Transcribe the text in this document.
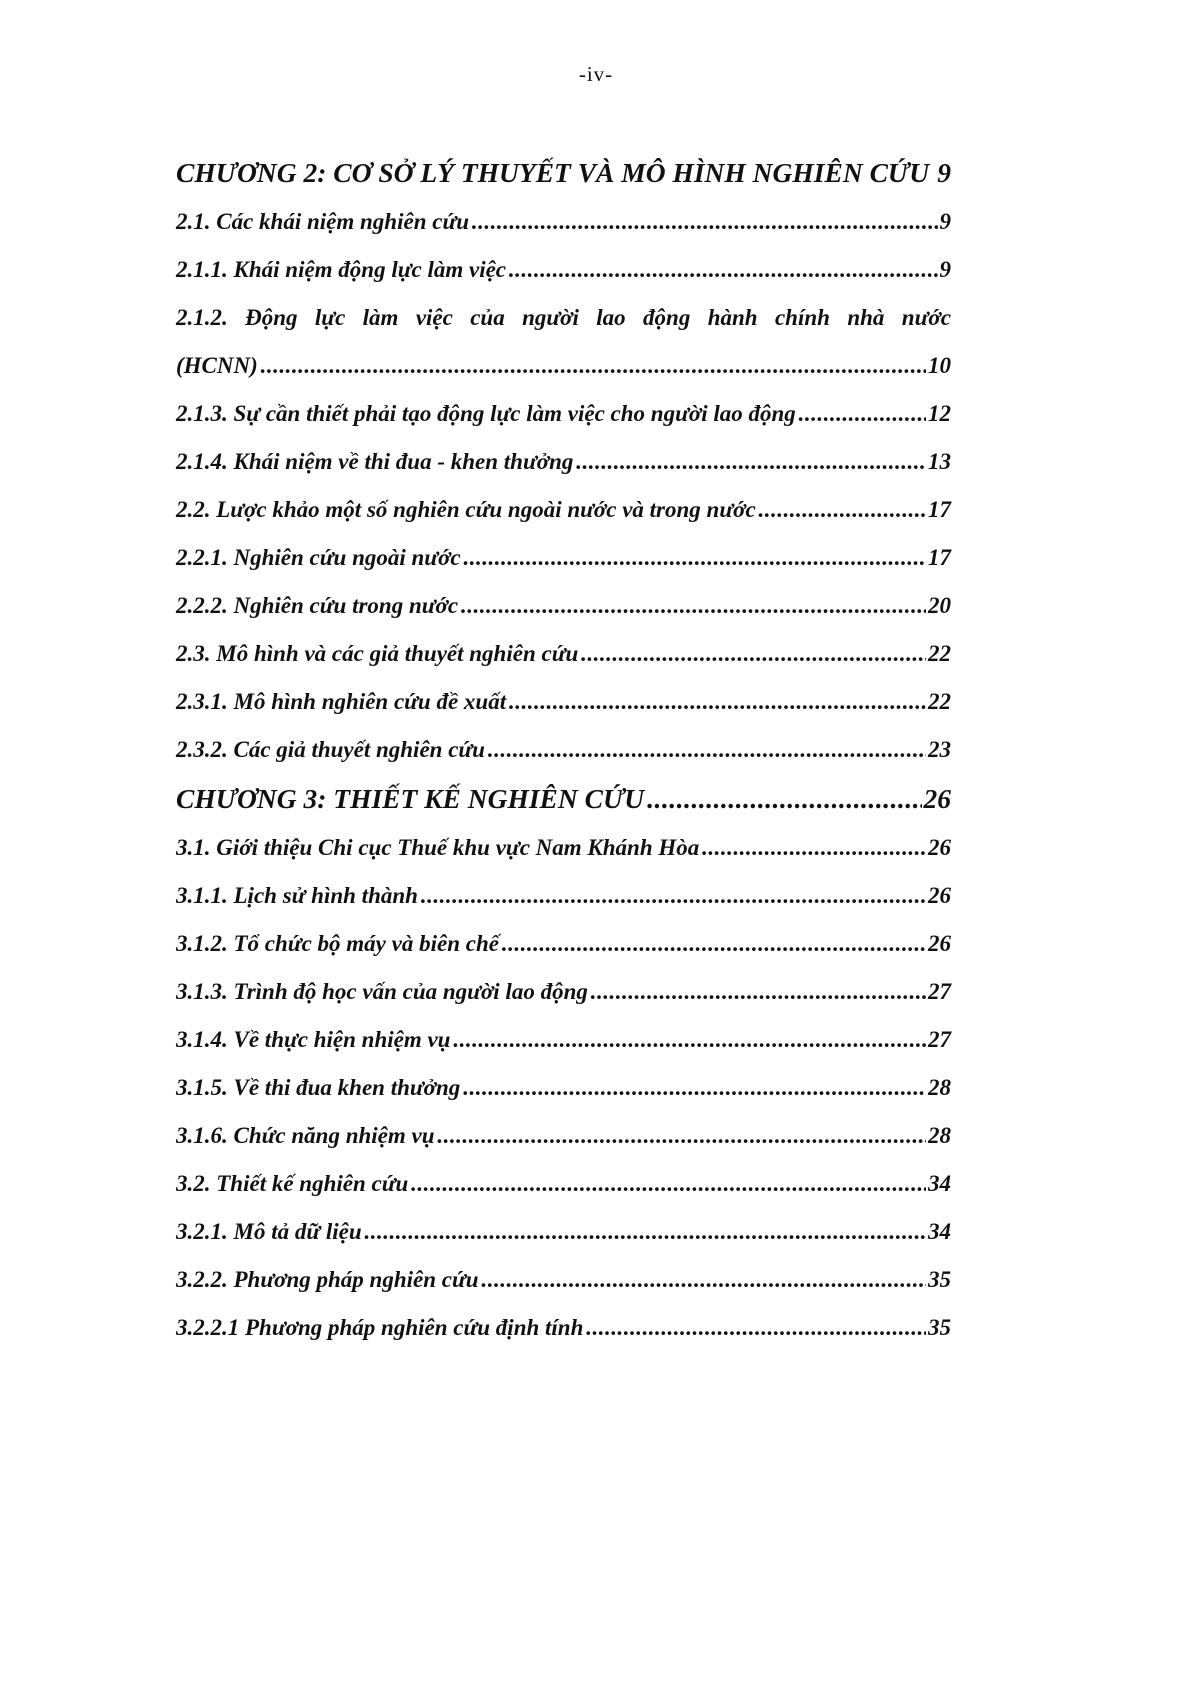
-iv-
CHƯƠNG 2: CƠ SỞ LÝ THUYẾT VÀ MÔ HÌNH NGHIÊN CỨU 9
2.1. Các khái niệm nghiên cứu .....	9
2.1.1. Khái niệm động lực làm việc .....	9
2.1.2. Động lực làm việc của người lao động hành chính nhà nước
(HCNN) .....	10
2.1.3. Sự cần thiết phải tạo động lực làm việc cho người lao động .....	12
2.1.4. Khái niệm về thi đua - khen thưởng .....	13
2.2. Lược khảo một số nghiên cứu ngoài nước và trong nước .....	17
2.2.1. Nghiên cứu ngoài nước .....	17
2.2.2. Nghiên cứu trong nước .....	20
2.3. Mô hình và các giả thuyết nghiên cứu .....	22
2.3.1. Mô hình nghiên cứu đề xuất .....	22
2.3.2. Các giả thuyết nghiên cứu .....	23
CHƯƠNG 3: THIẾT KẾ NGHIÊN CỨU .....	26
3.1. Giới thiệu Chi cục Thuế khu vực Nam Khánh Hòa .....	26
3.1.1. Lịch sử hình thành .....	26
3.1.2. Tổ chức bộ máy và biên chế .....	26
3.1.3. Trình độ học vấn của người lao động .....	27
3.1.4. Về thực hiện nhiệm vụ .....	27
3.1.5. Về thi đua khen thưởng .....	28
3.1.6. Chức năng nhiệm vụ .....	28
3.2. Thiết kế nghiên cứu .....	34
3.2.1. Mô tả dữ liệu .....	34
3.2.2. Phương pháp nghiên cứu .....	35
3.2.2.1 Phương pháp nghiên cứu định tính .....	35
